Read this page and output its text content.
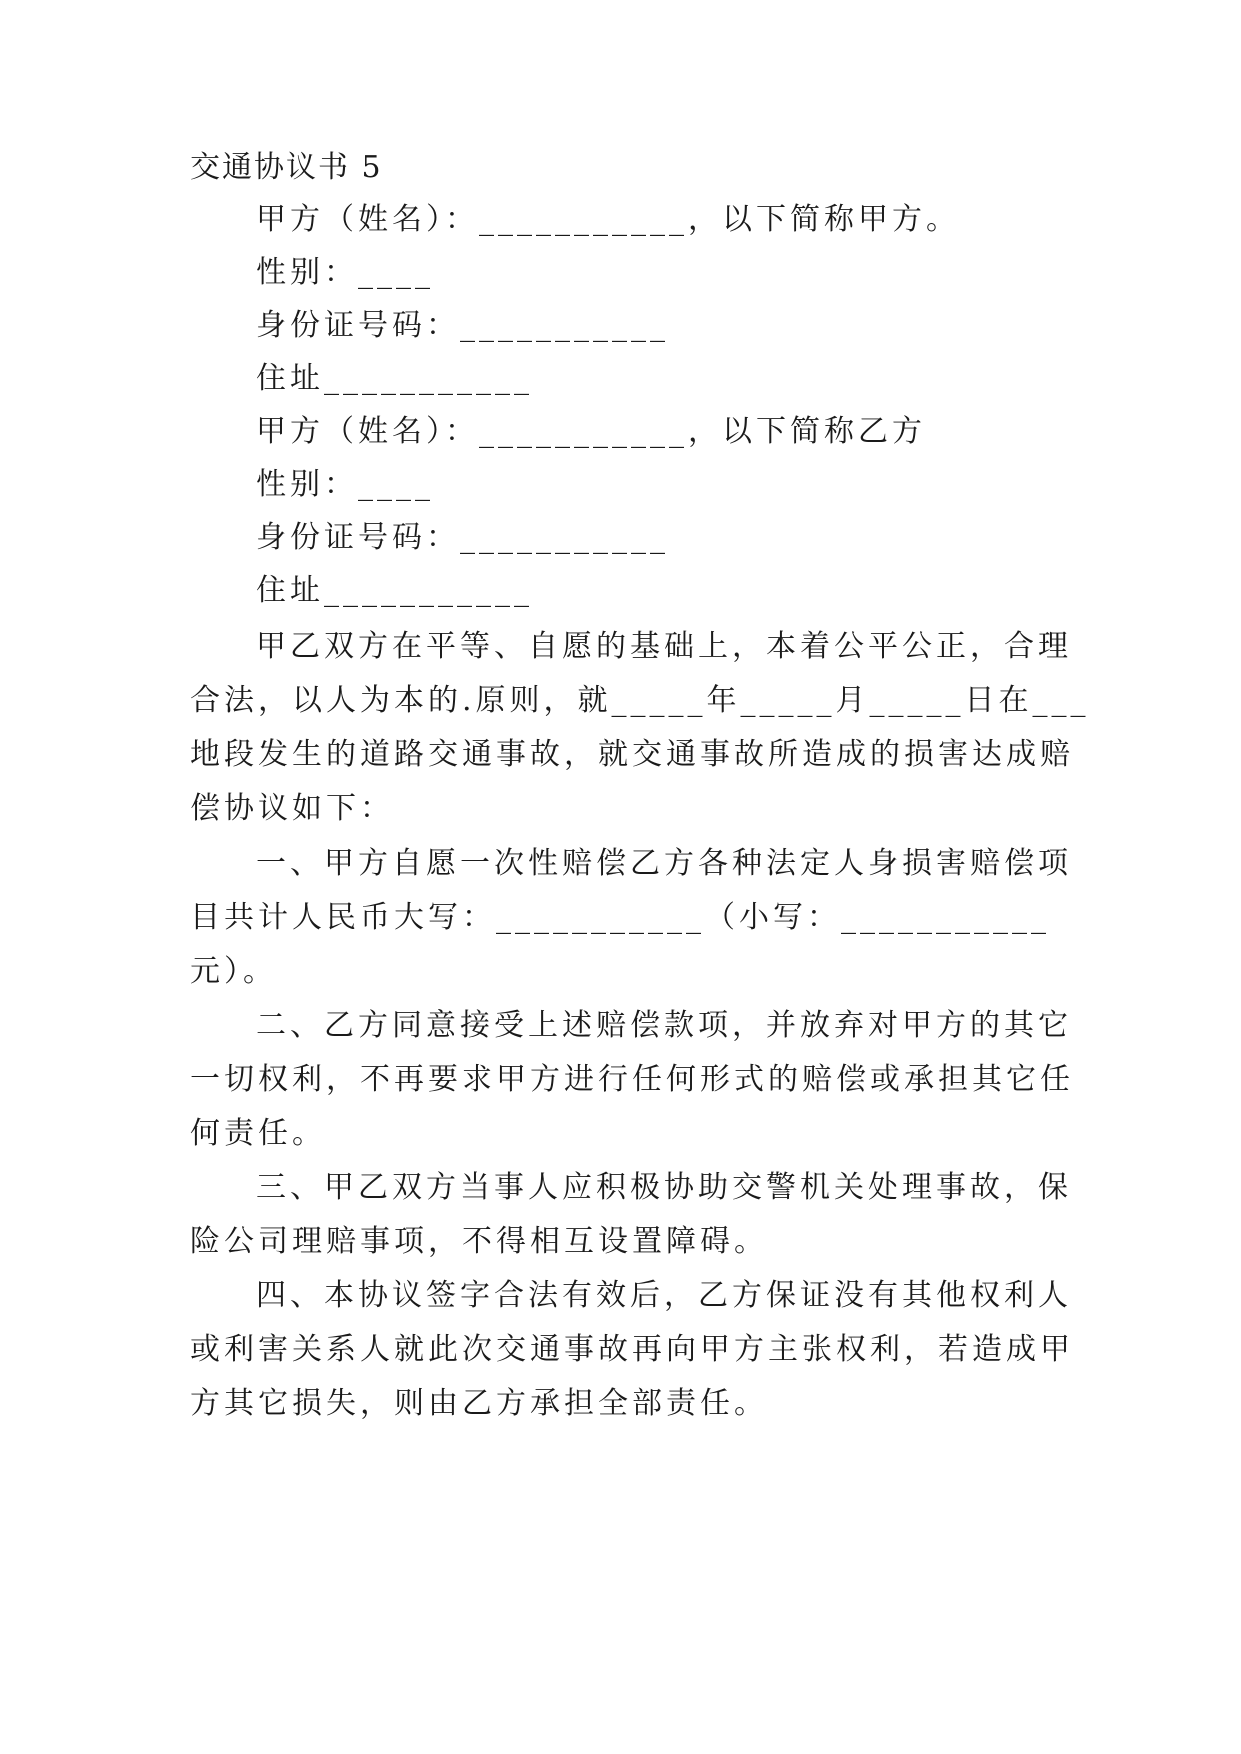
交通协议书 5
甲方（姓名）：___________，以下简称甲方。
性别：____
身份证号码：___________
住址___________
甲方（姓名）：___________，以下简称乙方
性别：____
身份证号码：___________
住址___________
甲乙双方在平等、自愿的基础上，本着公平公正，合理
合法，以人为本的.原则，就_____年_____月_____日在___
地段发生的道路交通事故，就交通事故所造成的损害达成赔
偿协议如下：
一、甲方自愿一次性赔偿乙方各种法定人身损害赔偿项
目共计人民币大写：___________（小写：___________
元）。
二、乙方同意接受上述赔偿款项，并放弃对甲方的其它
一切权利，不再要求甲方进行任何形式的赔偿或承担其它任
何责任。
三、甲乙双方当事人应积极协助交警机关处理事故，保
险公司理赔事项，不得相互设置障碍。
四、本协议签字合法有效后，乙方保证没有其他权利人
或利害关系人就此次交通事故再向甲方主张权利，若造成甲
方其它损失，则由乙方承担全部责任。
